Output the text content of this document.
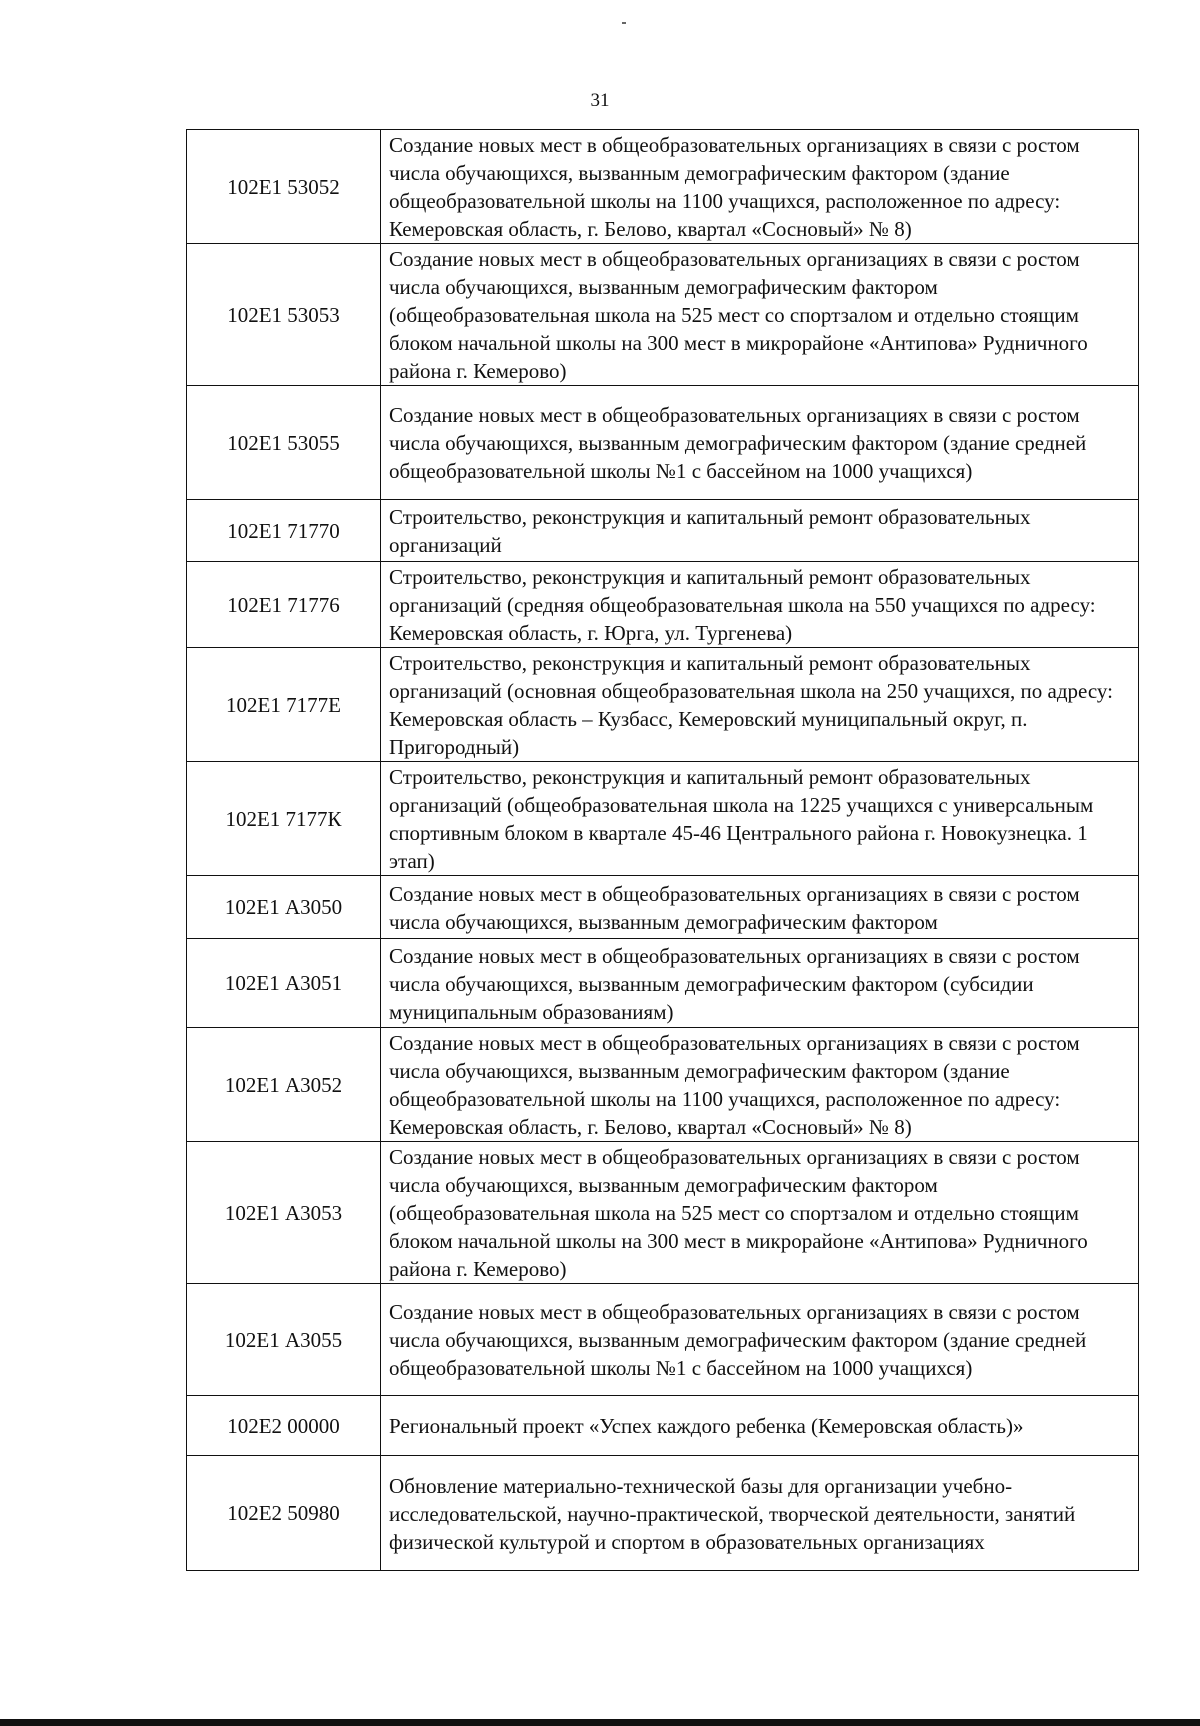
31
102Е1 53052	Создание новых мест в общеобразовательных организациях в связи с ростом числа обучающихся, вызванным демографическим фактором (здание общеобразовательной школы на 1100 учащихся, расположенное по адресу: Кемеровская область, г. Белово, квартал «Сосновый» № 8)
102Е1 53053	Создание новых мест в общеобразовательных организациях в связи с ростом числа обучающихся, вызванным демографическим фактором (общеобразовательная школа на 525 мест со спортзалом и отдельно стоящим блоком начальной школы на 300 мест в микрорайоне «Антипова» Рудничного района г. Кемерово)
102Е1 53055	Создание новых мест в общеобразовательных организациях в связи с ростом числа обучающихся, вызванным демографическим фактором (здание средней общеобразовательной школы №1 с бассейном на 1000 учащихся)
102Е1 71770	Строительство, реконструкция и капитальный ремонт образовательных организаций
102Е1 71776	Строительство, реконструкция и капитальный ремонт образовательных организаций (средняя общеобразовательная школа на 550 учащихся по адресу: Кемеровская область, г. Юрга, ул. Тургенева)
102Е1 7177Е	Строительство, реконструкция и капитальный ремонт образовательных организаций (основная общеобразовательная школа на 250 учащихся, по адресу: Кемеровская область – Кузбасс, Кемеровский муниципальный округ, п. Пригородный)
102Е1 7177К	Строительство, реконструкция и капитальный ремонт образовательных организаций (общеобразовательная школа на 1225 учащихся с универсальным спортивным блоком в квартале 45-46 Центрального района г. Новокузнецка. 1 этап)
102Е1 А3050	Создание новых мест в общеобразовательных организациях в связи с ростом числа обучающихся, вызванным демографическим фактором
102Е1 А3051	Создание новых мест в общеобразовательных организациях в связи с ростом числа обучающихся, вызванным демографическим фактором (субсидии муниципальным образованиям)
102Е1 А3052	Создание новых мест в общеобразовательных организациях в связи с ростом числа обучающихся, вызванным демографическим фактором (здание общеобразовательной школы на 1100 учащихся, расположенное по адресу: Кемеровская область, г. Белово, квартал «Сосновый» № 8)
102Е1 А3053	Создание новых мест в общеобразовательных организациях в связи с ростом числа обучающихся, вызванным демографическим фактором (общеобразовательная школа на 525 мест со спортзалом и отдельно стоящим блоком начальной школы на 300 мест в микрорайоне «Антипова» Рудничного района г. Кемерово)
102Е1 А3055	Создание новых мест в общеобразовательных организациях в связи с ростом числа обучающихся, вызванным демографическим фактором (здание средней общеобразовательной школы №1 с бассейном на 1000 учащихся)
102Е2 00000	Региональный проект «Успех каждого ребенка (Кемеровская область)»
102Е2 50980	Обновление материально-технической базы для организации учебно-исследовательской, научно-практической, творческой деятельности, занятий физической культурой и спортом в образовательных организациях
